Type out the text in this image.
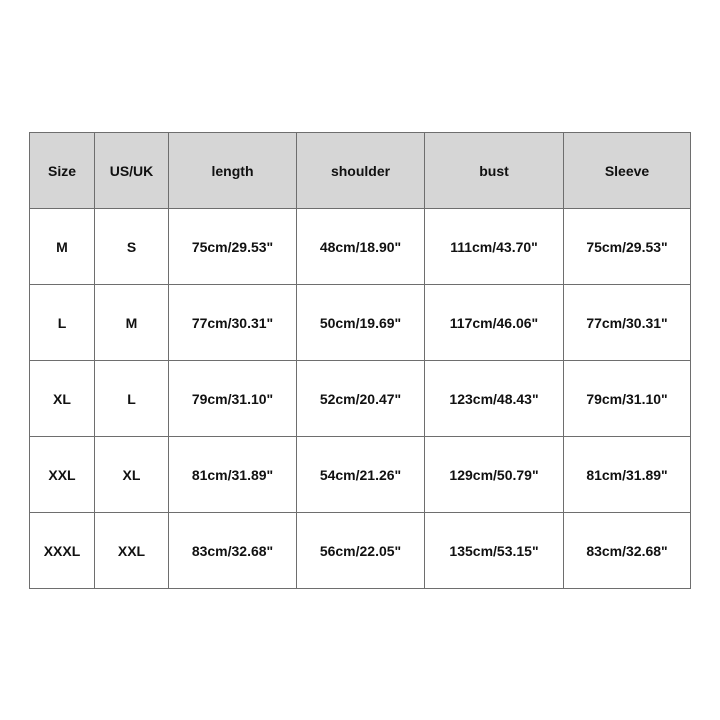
Size	US/UK	length	shoulder	bust	Sleeve
M	S	75cm/29.53"	48cm/18.90"	111cm/43.70"	75cm/29.53"
L	M	77cm/30.31"	50cm/19.69"	117cm/46.06"	77cm/30.31"
XL	L	79cm/31.10"	52cm/20.47"	123cm/48.43"	79cm/31.10"
XXL	XL	81cm/31.89"	54cm/21.26"	129cm/50.79"	81cm/31.89"
XXXL	XXL	83cm/32.68"	56cm/22.05"	135cm/53.15"	83cm/32.68"
